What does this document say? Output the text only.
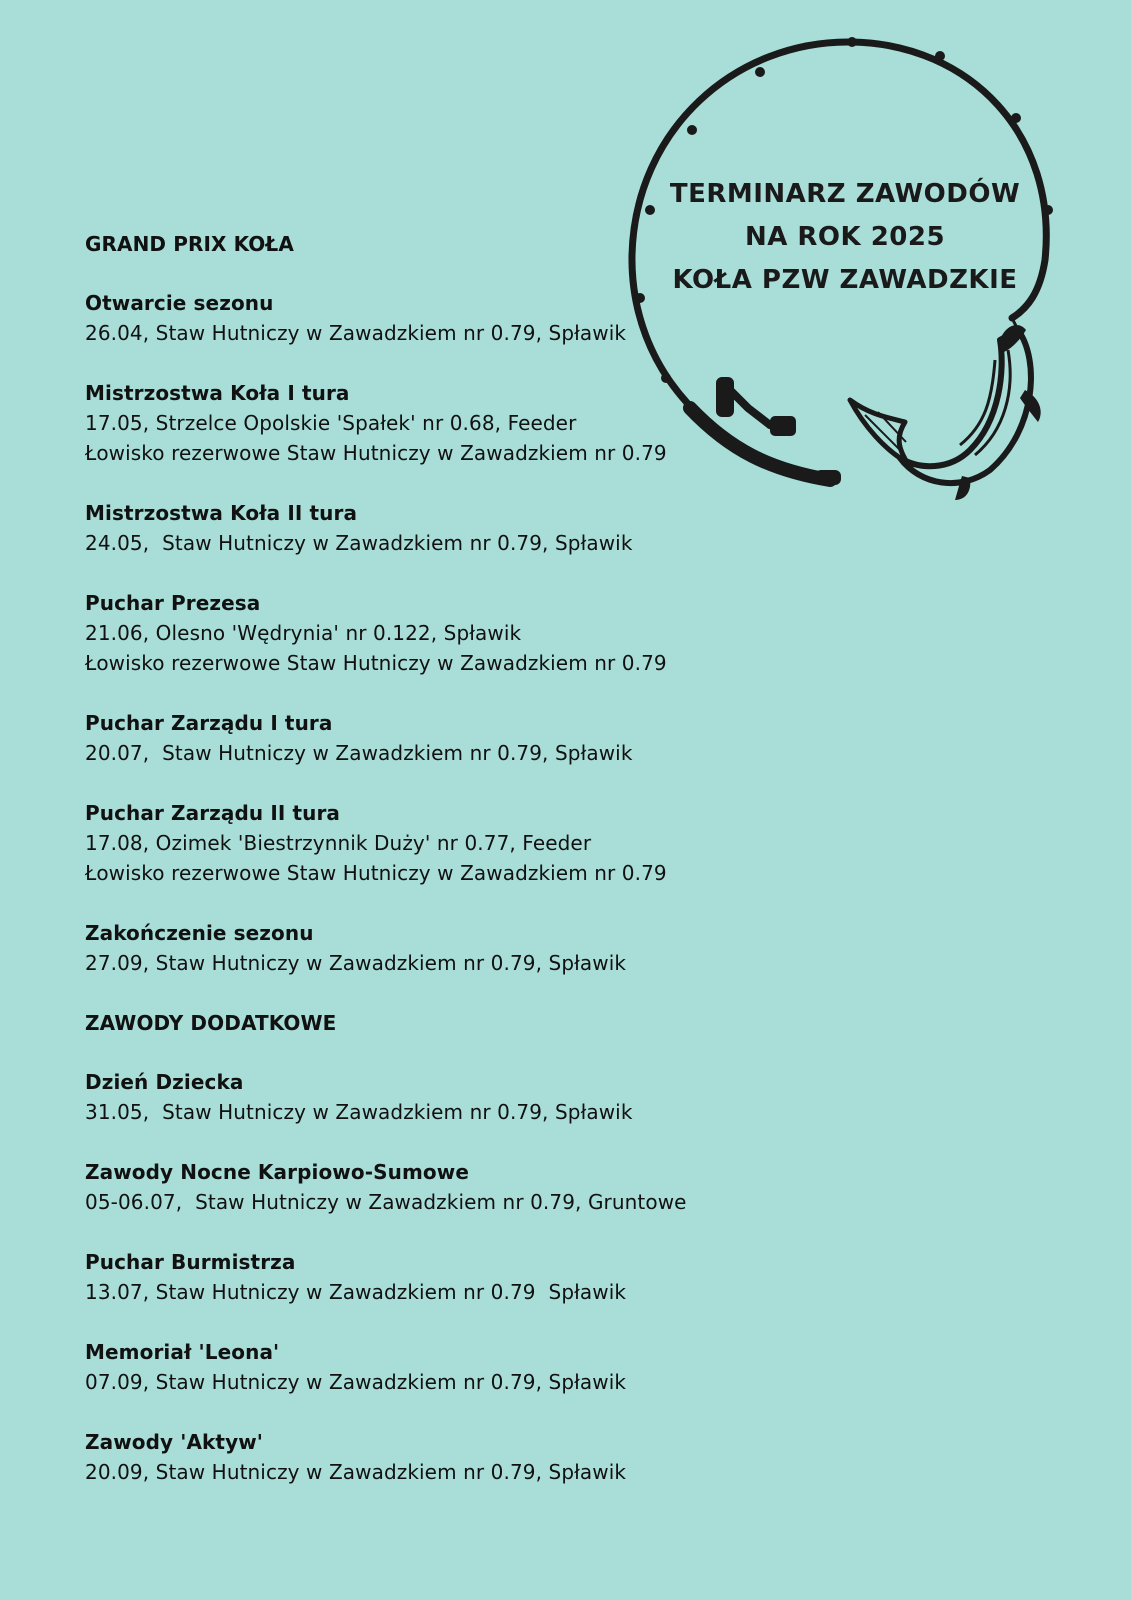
TERMINARZ ZAWODÓW
NA ROK 2025
KOŁA PZW ZAWADZKIE
GRAND PRIX KOŁA
Otwarcie sezonu
26.04, Staw Hutniczy w Zawadzkiem nr 0.79, Spławik
Mistrzostwa Koła I tura
17.05, Strzelce Opolskie 'Spałek' nr 0.68, Feeder
Łowisko rezerwowe Staw Hutniczy w Zawadzkiem nr 0.79
Mistrzostwa Koła II tura
24.05,  Staw Hutniczy w Zawadzkiem nr 0.79, Spławik
Puchar Prezesa
21.06, Olesno 'Wędrynia' nr 0.122, Spławik
Łowisko rezerwowe Staw Hutniczy w Zawadzkiem nr 0.79
Puchar Zarządu I tura
20.07,  Staw Hutniczy w Zawadzkiem nr 0.79, Spławik
Puchar Zarządu II tura
17.08, Ozimek 'Biestrzynnik Duży' nr 0.77, Feeder
Łowisko rezerwowe Staw Hutniczy w Zawadzkiem nr 0.79
Zakończenie sezonu
27.09, Staw Hutniczy w Zawadzkiem nr 0.79, Spławik
ZAWODY DODATKOWE
Dzień Dziecka
31.05,  Staw Hutniczy w Zawadzkiem nr 0.79, Spławik
Zawody Nocne Karpiowo-Sumowe
05-06.07,  Staw Hutniczy w Zawadzkiem nr 0.79, Gruntowe
Puchar Burmistrza
13.07, Staw Hutniczy w Zawadzkiem nr 0.79  Spławik
Memoriał 'Leona'
07.09, Staw Hutniczy w Zawadzkiem nr 0.79, Spławik
Zawody 'Aktyw'
20.09, Staw Hutniczy w Zawadzkiem nr 0.79, Spławik
